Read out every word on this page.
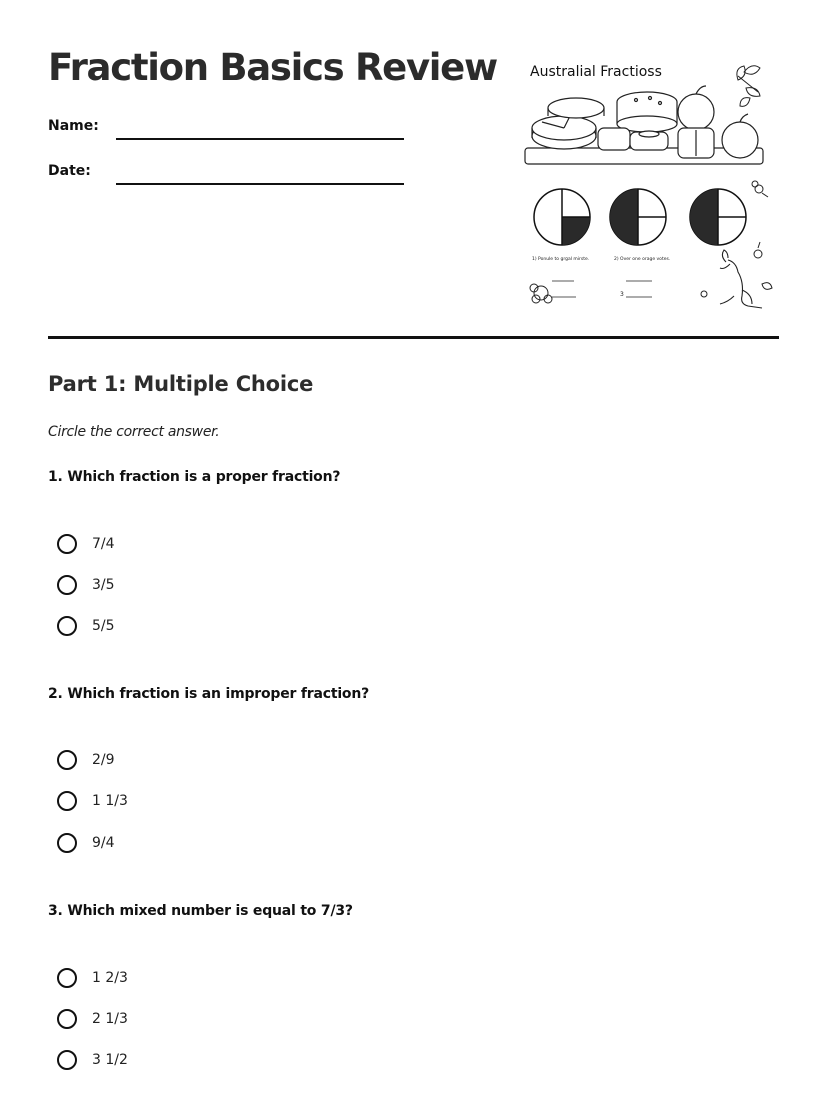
Fraction Basics Review
Name:
Date:
Australial Fractioss
1) Ponule to grgal mirste.	2) Over one orage votes.
3
Part 1: Multiple Choice
Circle the correct answer.
1. Which fraction is a proper fraction?
7/4
3/5
5/5
2. Which fraction is an improper fraction?
2/9
1 1/3
9/4
3. Which mixed number is equal to 7/3?
1 2/3
2 1/3
3 1/2
